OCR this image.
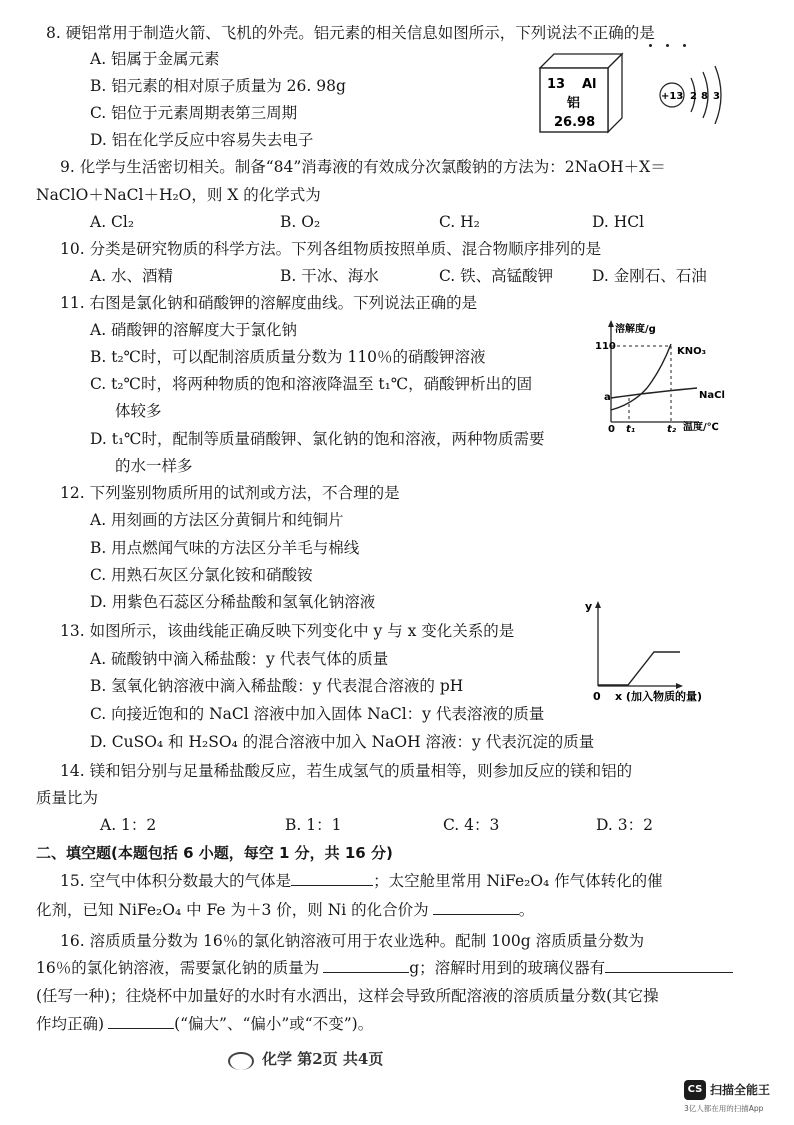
8. 硬铝常用于制造火箭、飞机的外壳。铝元素的相关信息如图所示，下列说法不正确的是
A. 铝属于金属元素
B. 铝元素的相对原子质量为 26. 98g
C. 铝位于元素周期表第三周期
D. 铝在化学反应中容易失去电子
13 Al
铝
26.98
+13 2 8 3
9. 化学与生活密切相关。制备“84”消毒液的有效成分次氯酸钠的方法为：2NaOH＋X＝
NaClO＋NaCl＋H₂O，则 X 的化学式为
A. Cl₂	B. O₂	C. H₂	D. HCl
10. 分类是研究物质的科学方法。下列各组物质按照单质、混合物顺序排列的是
A. 水、酒精	B. 干冰、海水	C. 铁、高锰酸钾	D. 金刚石、石油
11. 右图是氯化钠和硝酸钾的溶解度曲线。下列说法正确的是
A. 硝酸钾的溶解度大于氯化钠
B. t₂℃时，可以配制溶质质量分数为 110％的硝酸钾溶液
C. t₂℃时，将两种物质的饱和溶液降温至 t₁℃，硝酸钾析出的固
体较多
D. t₁℃时，配制等质量硝酸钾、氯化钠的饱和溶液，两种物质需要
的水一样多
溶解度/g
温度/℃
110
a
0 t₁	t₂
KNO₃
NaCl
12. 下列鉴别物质所用的试剂或方法，不合理的是
A. 用刻画的方法区分黄铜片和纯铜片
B. 用点燃闻气味的方法区分羊毛与棉线
C. 用熟石灰区分氯化铵和硝酸铵
D. 用紫色石蕊区分稀盐酸和氢氧化钠溶液
13. 如图所示，该曲线能正确反映下列变化中 y 与 x 变化关系的是
A. 硫酸钠中滴入稀盐酸：y 代表气体的质量
B. 氢氧化钠溶液中滴入稀盐酸：y 代表混合溶液的 pH
C. 向接近饱和的 NaCl 溶液中加入固体 NaCl：y 代表溶液的质量
D. CuSO₄ 和 H₂SO₄ 的混合溶液中加入 NaOH 溶液：y 代表沉淀的质量
y
0 x (加入物质的量)
14. 镁和铝分别与足量稀盐酸反应，若生成氢气的质量相等，则参加反应的镁和铝的
质量比为
A. 1：2	B. 1：1	C. 4：3	D. 3：2
二、填空题(本题包括 6 小题，每空 1 分，共 16 分)
15. 空气中体积分数最大的气体是	；太空舱里常用 NiFe₂O₄ 作气体转化的催
化剂，已知 NiFe₂O₄ 中 Fe 为＋3 价，则 Ni 的化合价为	。
16. 溶质质量分数为 16％的氯化钠溶液可用于农业选种。配制 100g 溶质质量分数为
16％的氯化钠溶液，需要氯化钠的质量为	g；溶解时用到的玻璃仪器有
(任写一种)；往烧杯中加量好的水时有水洒出，这样会导致所配溶液的溶质质量分数(其它操
作均正确)	(“偏大”、“偏小”或“不变”)。
化学 第2页 共4页
CS 扫描全能王
3亿人都在用的扫描App
